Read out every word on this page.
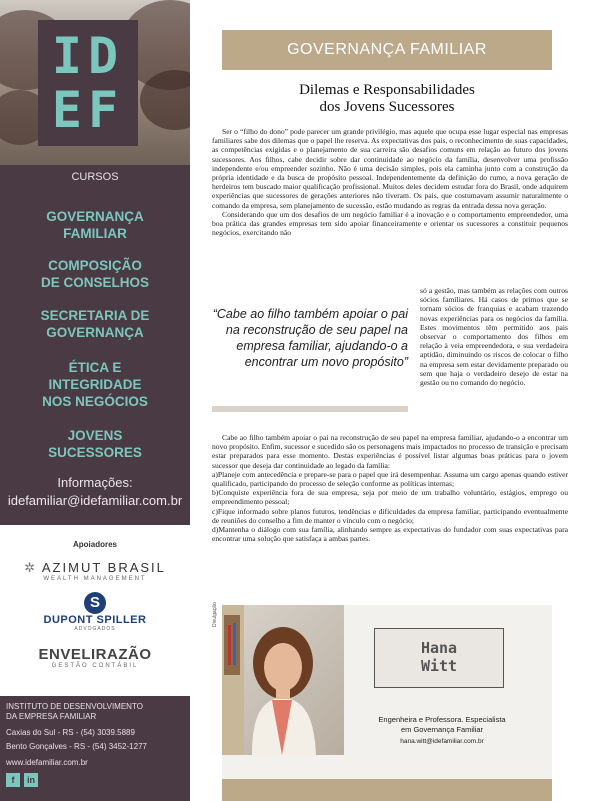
ID
EF
CURSOS
GOVERNANÇA
FAMILIAR
COMPOSIÇÃO
DE CONSELHOS
SECRETARIA DE
GOVERNANÇA
ÉTICA E
INTEGRIDADE
NOS NEGÓCIOS
JOVENS
SUCESSORES
Informações:
idefamiliar@idefamiliar.com.br
Apoiadores
✲ AZIMUT BRASIL
WEALTH MANAGEMENT
S
DUPONT SPILLER
ADVOGADOS
ENVELIRAZÃO
GESTÃO CONTÁBIL
INSTITUTO DE DESENVOLVIMENTO
DA EMPRESA FAMILIAR
Caxias do Sul - RS - (54) 3039.5889
Bento Gonçalves - RS - (54) 3452-1277
www.idefamiliar.com.br
f	in
GOVERNANÇA FAMILIAR
Dilemas e Responsabilidades
dos Jovens Sucessores

Ser o “filho do dono” pode parecer um grande privilégio, mas aquele que ocupa esse lugar especial nas empresas familiares sabe dos dilemas que o papel lhe reserva. As expectativas dos pais, o reconhecimento de suas capacidades, as competências exigidas e o planejamento de sua carreira são desafios comuns em relação ao futuro dos jovens sucessores. Aos filhos, cabe decidir sobre dar continuidade ao negócio da família, desenvolver uma profissão independente e/ou empreender sozinho. Não é uma decisão simples, pois ela caminha junto com a construção da própria identidade e da busca de propósito pessoal. Independentemente da definição do rumo, a nova geração de herdeiros tem buscado maior qualificação profissional. Muitos deles decidem estudar fora do Brasil, onde adquirem experiências que sucessores de gerações anteriores não tiveram. Os pais, que costumavam assumir naturalmente o comando da empresa, sem planejamento de sucessão, estão mudando as regras da entrada dessa nova geração.

Considerando que um dos desafios de um negócio familiar é a inovação e o comportamento empreendedor, uma boa prática das grandes empresas tem sido apoiar financeiramente e orientar os sucessores a constituir pequenos negócios, exercitando não

“Cabe ao filho também apoiar o pai na reconstrução de seu papel na empresa familiar, ajudando-o a encontrar um novo propósito”

só a gestão, mas também as relações com outros sócios familiares. Há casos de primos que se tornam sócios de franquias e acabam trazendo novas experiências para os negócios da família. Estes movimentos têm permitido aos pais observar o comportamento dos filhos em relação à veia empreendedora, e sua verdadeira aptidão, diminuindo os riscos de colocar o filho na empresa sem estar devidamente preparado ou sem que haja o verdadeiro desejo de estar na gestão ou no comando do negócio.

Cabe ao filho também apoiar o pai na reconstrução de seu papel na empresa familiar, ajudando-o a encontrar um novo propósito. Enfim, sucessor e sucedido são os personagens mais impactados no processo de transição e precisam estar preparados para esse momento. Destas experiências é possível listar algumas boas práticas para o jovem sucessor que deseja dar continuidade ao legado da família:

a)Planeje com antecedência e prepare-se para o papel que irá desempenhar. Assuma um cargo apenas quando estiver qualificado, participando do processo de seleção conforme as políticas internas;

b)Conquiste experiência fora de sua empresa, seja por meio de um trabalho voluntário, estágios, emprego ou empreendimento pessoal;

c)Fique informado sobre planos futuros, tendências e dificuldades da empresa familiar, participando eventualmente de reuniões do conselho a fim de manter o vínculo com o negócio;

d)Mantenha o diálogo com sua família, alinhando sempre as expectativas do fundador com suas expectativas para encontrar uma solução que satisfaça a ambas partes.

Divulgação
Hana
Witt
Engenheira e Professora. Especialista
em Governança Familiar
hana.witt@idefamiliar.com.br
